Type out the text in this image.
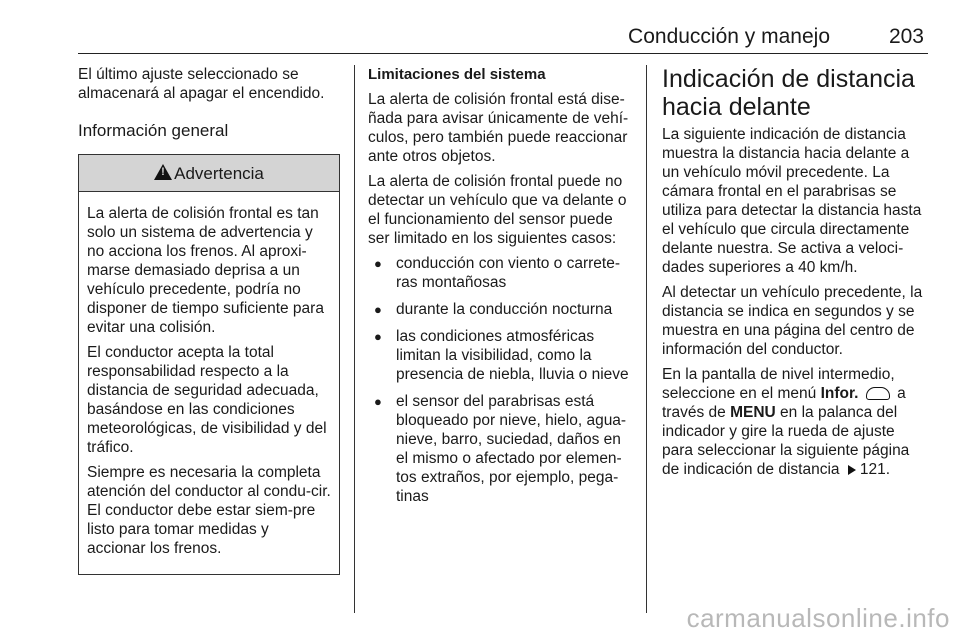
Conducción y manejo	203

El último ajuste seleccionado se almacenará al apagar el encendido.

Información general
!
Advertencia

La alerta de colisión frontal es tan solo un sistema de advertencia y no acciona los frenos. Al aproxi-marse demasiado deprisa a un vehículo precedente, podría no disponer de tiempo suficiente para evitar una colisión.

El conductor acepta la total responsabilidad respecto a la distancia de seguridad adecuada, basándose en las condiciones meteorológicas, de visibilidad y del tráfico.

Siempre es necesaria la completa atención del conductor al condu-cir. El conductor debe estar siem-pre listo para tomar medidas y accionar los frenos.

Limitaciones del sistema

La alerta de colisión frontal está dise-ñada para avisar únicamente de vehí-culos, pero también puede reaccionar ante otros objetos.

La alerta de colisión frontal puede no detectar un vehículo que va delante o el funcionamiento del sensor puede ser limitado en los siguientes casos:

● conducción con viento o carrete-ras montañosas
● durante la conducción nocturna
● las condiciones atmosféricas limitan la visibilidad, como la presencia de niebla, lluvia o nieve
● el sensor del parabrisas está bloqueado por nieve, hielo, agua-nieve, barro, suciedad, daños en el mismo o afectado por elemen-tos extraños, por ejemplo, pega-tinas
Indicación de distancia hacia delante

La siguiente indicación de distancia muestra la distancia hacia delante a un vehículo móvil precedente. La cámara frontal en el parabrisas se utiliza para detectar la distancia hasta el vehículo que circula directamente delante nuestra. Se activa a veloci-dades superiores a 40 km/h.

Al detectar un vehículo precedente, la distancia se indica en segundos y se muestra en una página del centro de información del conductor.

En la pantalla de nivel intermedio, seleccione en el menú Infor. a través de MENU en la palanca del indicador y gire la rueda de ajuste para seleccionar la siguiente página de indicación de distancia 121.

carmanualsonline.info
